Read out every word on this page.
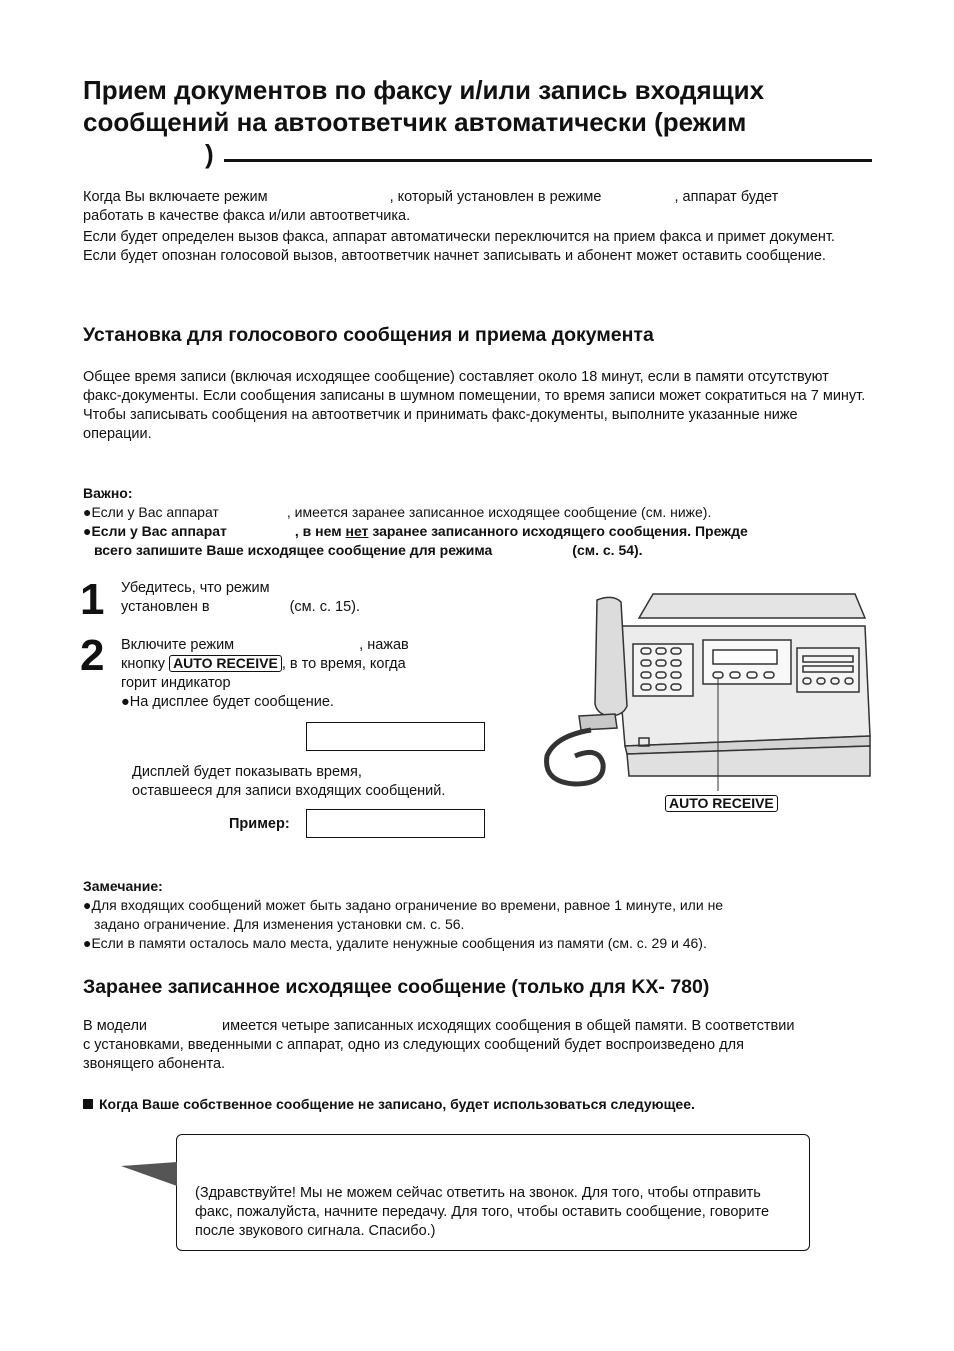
Прием документов по факсу и/или запись входящих
сообщений на автоответчик автоматически (режим
)
Когда Вы включаете режим	, который установлен в режиме	, аппарат будет
работать в качестве факса и/или автоответчика.
Если будет определен вызов факса, аппарат автоматически переключится на прием факса и примет документ.
Если будет опознан голосовой вызов, автоответчик начнет записывать и абонент может оставить сообщение.
Установка для голосового сообщения и приема документа
Общее время записи (включая исходящее сообщение) составляет около 18 минут, если в памяти отсутствуют факс-документы. Если сообщения записаны в шумном помещении, то время записи может сократиться на 7 минут.
Чтобы записывать сообщения на автоответчик и принимать факс-документы, выполните указанные ниже операции.
Важно:
●Если у Вас аппарат	, имеется заранее записанное исходящее сообщение (см. ниже).
●Если у Вас аппарат	, в нем нет заранее записанного исходящего сообщения. Прежде
всего запишите Ваше исходящее сообщение для режима	(см. с. 54).
1 Убедитесь, что режим
установлен в	(см. с. 15).
2 Включите режим	, нажав
кнопку AUTO RECEIVE , в то время, когда
горит индикатор
●На дисплее будет сообщение.
Дисплей будет показывать время,
оставшееся для записи входящих сообщений.
Пример:
AUTO RECEIVE
Замечание:
●Для входящих сообщений может быть задано ограничение во времени, равное 1 минуте, или не
задано ограничение. Для изменения установки см. с. 56.
●Если в памяти осталось мало места, удалите ненужные сообщения из памяти (см. с. 29 и 46).
Заранее записанное исходящее сообщение (только для KX- 780)
В модели	имеется четыре записанных исходящих сообщения в общей памяти. В соответствии
с установками, введенными с аппарат, одно из следующих сообщений будет воспроизведено для
звонящего абонента.
Когда Ваше собственное сообщение не записано, будет использоваться следующее.
(Здравствуйте! Мы не можем сейчас ответить на звонок. Для того, чтобы отправить факс, пожалуйста, начните передачу. Для того, чтобы оставить сообщение, говорите после звукового сигнала. Спасибо.)
